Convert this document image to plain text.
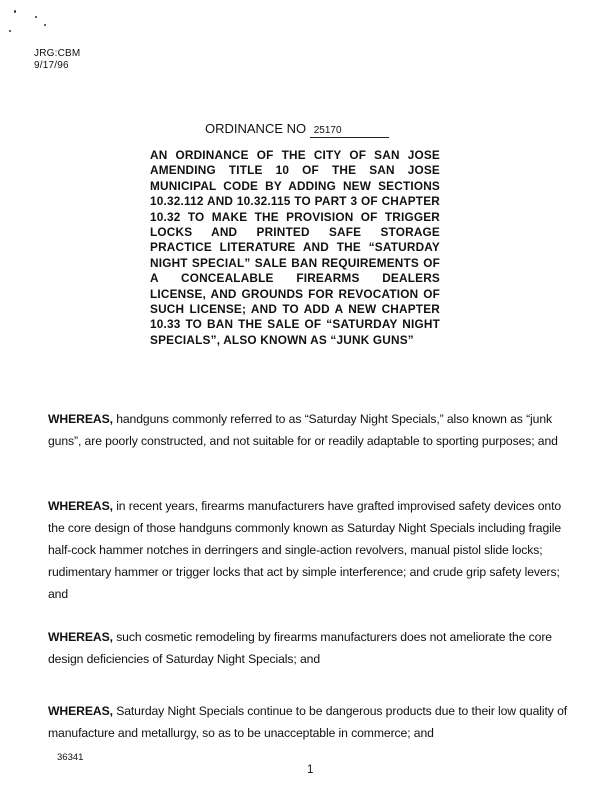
JRG:CBM
9/17/96
ORDINANCE NO 25170
AN ORDINANCE OF THE CITY OF SAN JOSE AMENDING TITLE 10 OF THE SAN JOSE MUNICIPAL CODE BY ADDING NEW SECTIONS 10.32.112 AND 10.32.115 TO PART 3 OF CHAPTER 10.32 TO MAKE THE PROVISION OF TRIGGER LOCKS AND PRINTED SAFE STORAGE PRACTICE LITERATURE AND THE “SATURDAY NIGHT SPECIAL” SALE BAN REQUIREMENTS OF A CONCEALABLE FIREARMS DEALERS LICENSE, AND GROUNDS FOR REVOCATION OF SUCH LICENSE; AND TO ADD A NEW CHAPTER 10.33 TO BAN THE SALE OF “SATURDAY NIGHT SPECIALS”, ALSO KNOWN AS “JUNK GUNS”

WHEREAS, handguns commonly referred to as “Saturday Night Specials,” also known as “junk guns”, are poorly constructed, and not suitable for or readily adaptable to sporting purposes; and

WHEREAS, in recent years, firearms manufacturers have grafted improvised safety devices onto the core design of those handguns commonly known as Saturday Night Specials including fragile half-cock hammer notches in derringers and single-action revolvers, manual pistol slide locks; rudimentary hammer or trigger locks that act by simple interference; and crude grip safety levers; and

WHEREAS, such cosmetic remodeling by firearms manufacturers does not ameliorate the core design deficiencies of Saturday Night Specials; and

WHEREAS, Saturday Night Specials continue to be dangerous products due to their low quality of manufacture and metallurgy, so as to be unacceptable in commerce; and

36341
1
